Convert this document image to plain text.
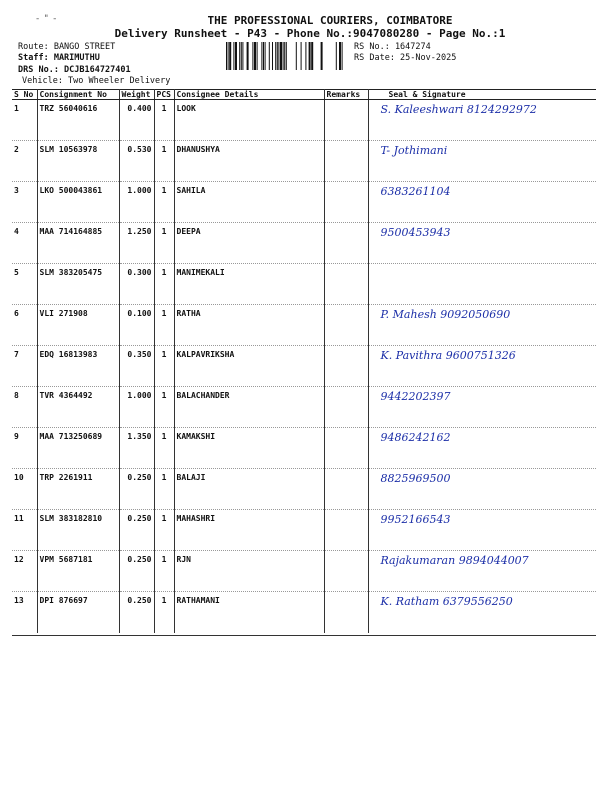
- " -	THE PROFESSIONAL COURIERS, COIMBATORE
Delivery Runsheet - P43 - Phone No.:9047080280 - Page No.:1
Route: BANGO STREET
Staff: MARIMUTHU
DRS No.: DCJB164727401
Vehicle: Two Wheeler Delivery
RS No.: 1647274
RS Date: 25-Nov-2025
S No	Consignment No	Weight	PCS	Consignee Details	Remarks	Seal & Signature
1	TRZ 56040616	0.400	1	LOOK		S. Kaleeshwari 8124292972

2	SLM 10563978	0.530	1	DHANUSHYA		T- Jothimani

3	LKO 500043861	1.000	1	SAHILA		6383261104

4	MAA 714164885	1.250	1	DEEPA		9500453943

5	SLM 383205475	0.300	1	MANIMEKALI		

6	VLI 271908	0.100	1	RATHA		P. Mahesh 9092050690

7	EDQ 16813983	0.350	1	KALPAVRIKSHA		K. Pavithra 9600751326

8	TVR 4364492	1.000	1	BALACHANDER		9442202397

9	MAA 713250689	1.350	1	KAMAKSHI		9486242162

10	TRP 2261911	0.250	1	BALAJI		8825969500

11	SLM 383182810	0.250	1	MAHASHRI		9952166543

12	VPM 5687181	0.250	1	RJN		Rajakumaran 9894044007

13	DPI 876697	0.250	1	RATHAMANI		K. Ratham 6379556250
